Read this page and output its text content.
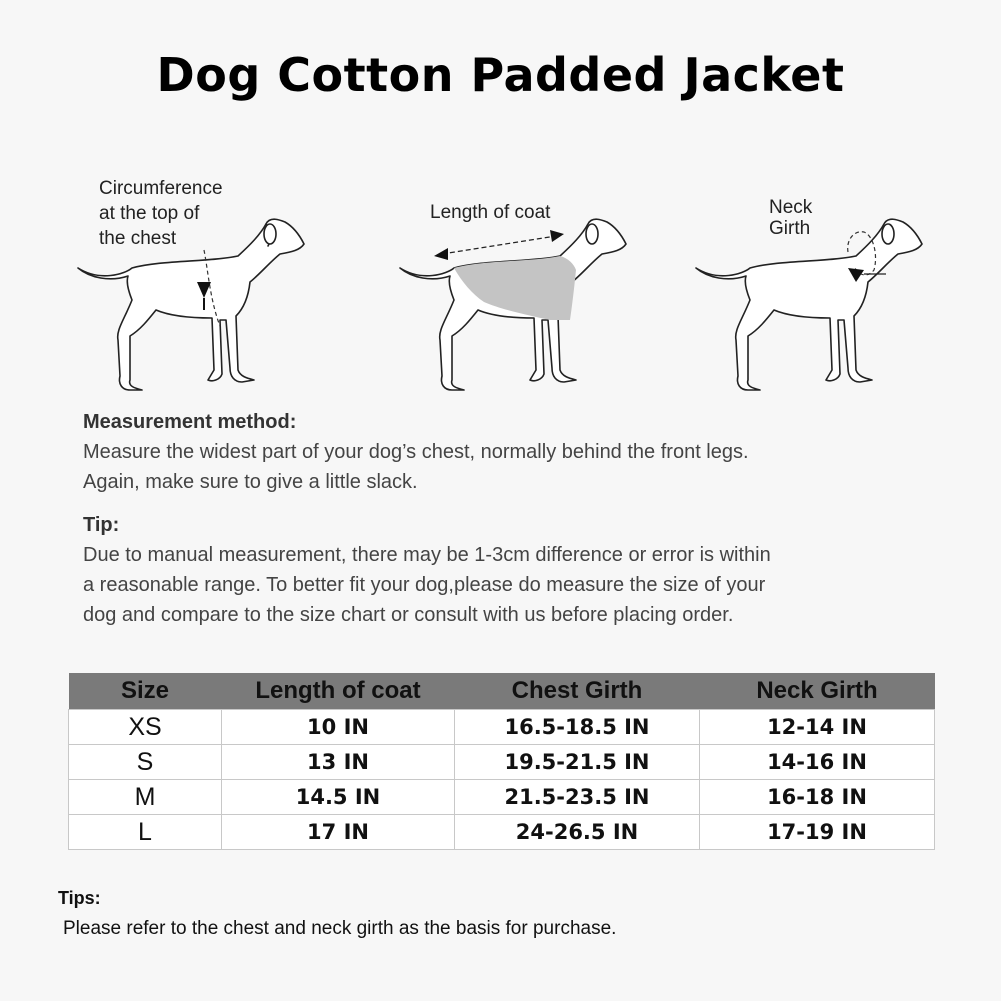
Dog Cotton Padded Jacket
Circumference
at the top of
the chest
Length of coat	Neck
Girth
Measurement method:
Measure the widest part of your dog’s chest, normally behind the front legs.
Again, make sure to give a little slack.
Tip:
Due to manual measurement, there may be 1-3cm difference or error is within
a reasonable range. To better fit your dog,please do measure the size of your
dog and compare to the size chart or consult with us before placing order.
Size	Length of coat	Chest Girth	Neck Girth
XS	10 IN	16.5-18.5 IN	12-14 IN
S	13 IN	19.5-21.5 IN	14-16 IN
M	14.5 IN	21.5-23.5 IN	16-18 IN
L	17 IN	24-26.5 IN	17-19 IN
Tips:
Please refer to the chest and neck girth as the basis for purchase.
